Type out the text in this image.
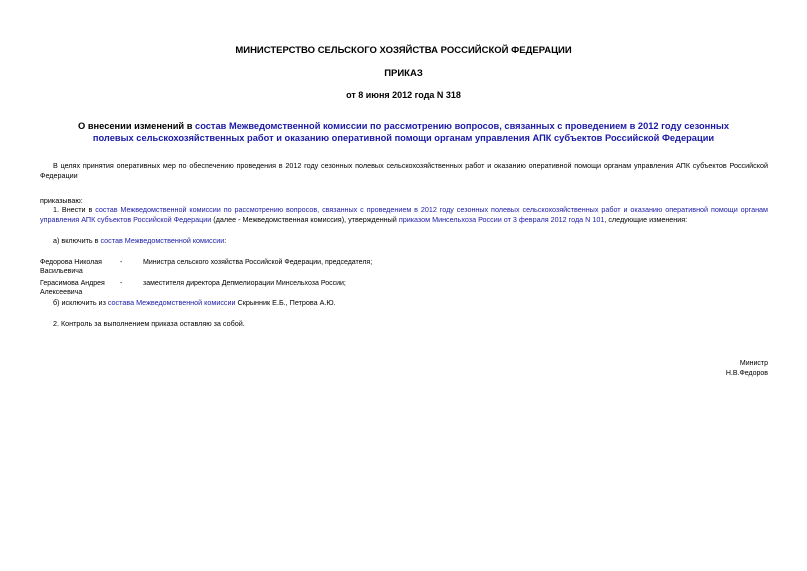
МИНИСТЕРСТВО СЕЛЬСКОГО ХОЗЯЙСТВА РОССИЙСКОЙ ФЕДЕРАЦИИ
ПРИКАЗ
от 8 июня 2012 года N 318
О внесении изменений в состав Межведомственной комиссии по рассмотрению вопросов, связанных с проведением в 2012 году сезонных полевых сельскохозяйственных работ и оказанию оперативной помощи органам управления АПК субъектов Российской Федерации
В целях принятия оперативных мер по обеспечению проведения в 2012 году сезонных полевых сельскохозяйственных работ и оказанию оперативной помощи органам управления АПК субъектов Российской Федерации
приказываю:
1. Внести в состав Межведомственной комиссии по рассмотрению вопросов, связанных с проведением в 2012 году сезонных полевых сельскохозяйственных работ и оказанию оперативной помощи органам управления АПК субъектов Российской Федерации (далее - Межведомственная комиссия), утвержденный приказом Минсельхоза России от 3 февраля 2012 года N 101, следующие изменения:
а) включить в состав Межведомственной комиссии:
Федорова Николая Васильевича
-	Министра сельского хозяйства Российской Федерации, председателя;
Герасимова Андрея Алексеевича
-	заместителя директора Депмелиорации Минсельхоза России;
б) исключить из состава Межведомственной комиссии Скрынник Е.Б., Петрова А.Ю.
2. Контроль за выполнением приказа оставляю за собой.
Министр
Н.В.Федоров
